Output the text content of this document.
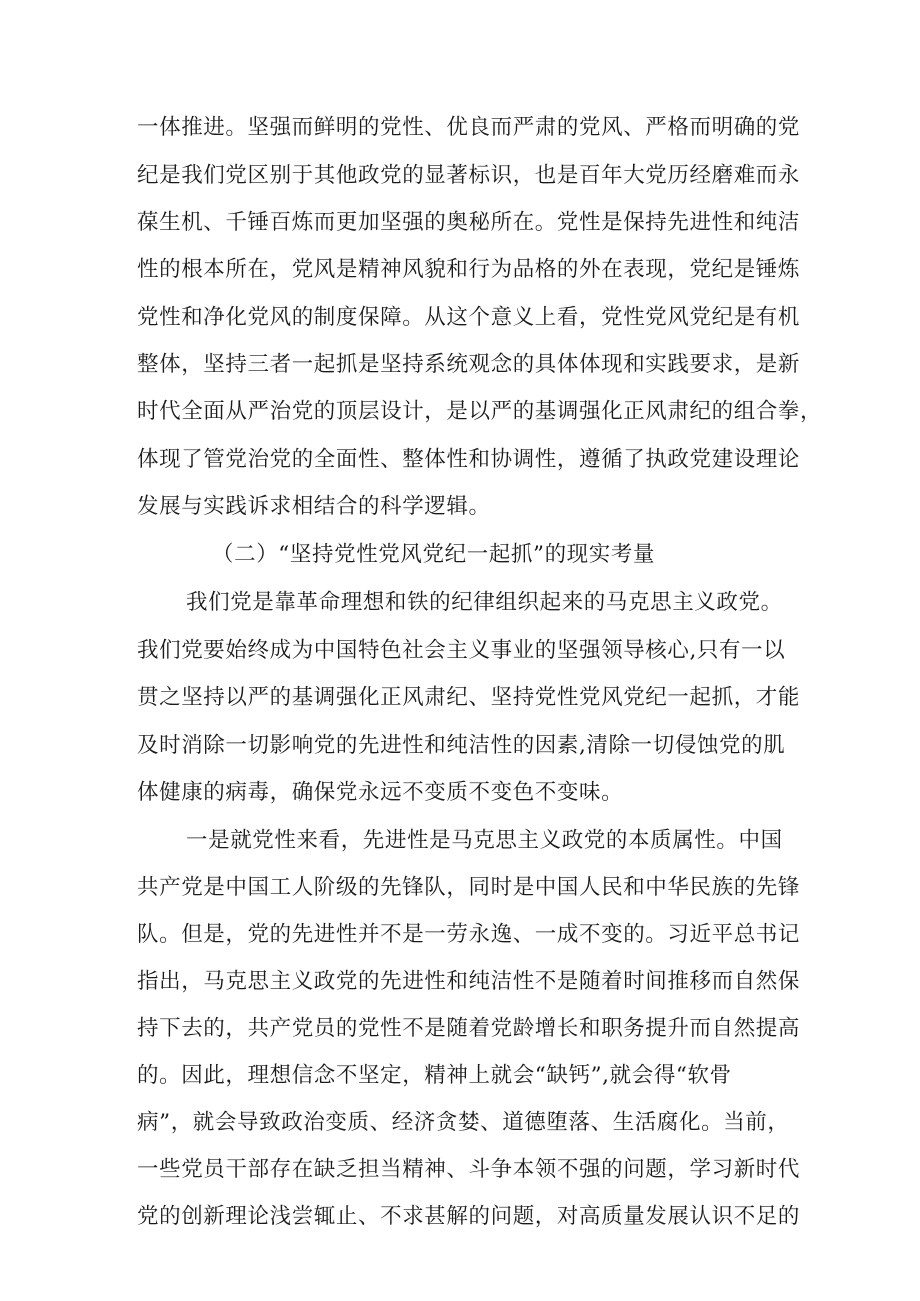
一体推进。坚强而鲜明的党性、优良而严肃的党风、严格而明确的党
纪是我们党区别于其他政党的显著标识，也是百年大党历经磨难而永
葆生机、千锤百炼而更加坚强的奥秘所在。党性是保持先进性和纯洁
性的根本所在，党风是精神风貌和行为品格的外在表现，党纪是锤炼
党性和净化党风的制度保障。从这个意义上看，党性党风党纪是有机
整体，坚持三者一起抓是坚持系统观念的具体体现和实践要求，是新
时代全面从严治党的顶层设计，是以严的基调强化正风肃纪的组合拳，
体现了管党治党的全面性、整体性和协调性，遵循了执政党建设理论
发展与实践诉求相结合的科学逻辑。
（二）“坚持党性党风党纪一起抓”的现实考量
我们党是靠革命理想和铁的纪律组织起来的马克思主义政党。
我们党要始终成为中国特色社会主义事业的坚强领导核心,只有一以
贯之坚持以严的基调强化正风肃纪、坚持党性党风党纪一起抓，才能
及时消除一切影响党的先进性和纯洁性的因素,清除一切侵蚀党的肌
体健康的病毒，确保党永远不变质不变色不变味。
一是就党性来看，先进性是马克思主义政党的本质属性。中国
共产党是中国工人阶级的先锋队，同时是中国人民和中华民族的先锋
队。但是，党的先进性并不是一劳永逸、一成不变的。习近平总书记
指出，马克思主义政党的先进性和纯洁性不是随着时间推移而自然保
持下去的，共产党员的党性不是随着党龄增长和职务提升而自然提高
的。因此，理想信念不坚定，精神上就会“缺钙”,就会得“软骨
病”，就会导致政治变质、经济贪婪、道德堕落、生活腐化。当前，
一些党员干部存在缺乏担当精神、斗争本领不强的问题，学习新时代
党的创新理论浅尝辄止、不求甚解的问题，对高质量发展认识不足的
